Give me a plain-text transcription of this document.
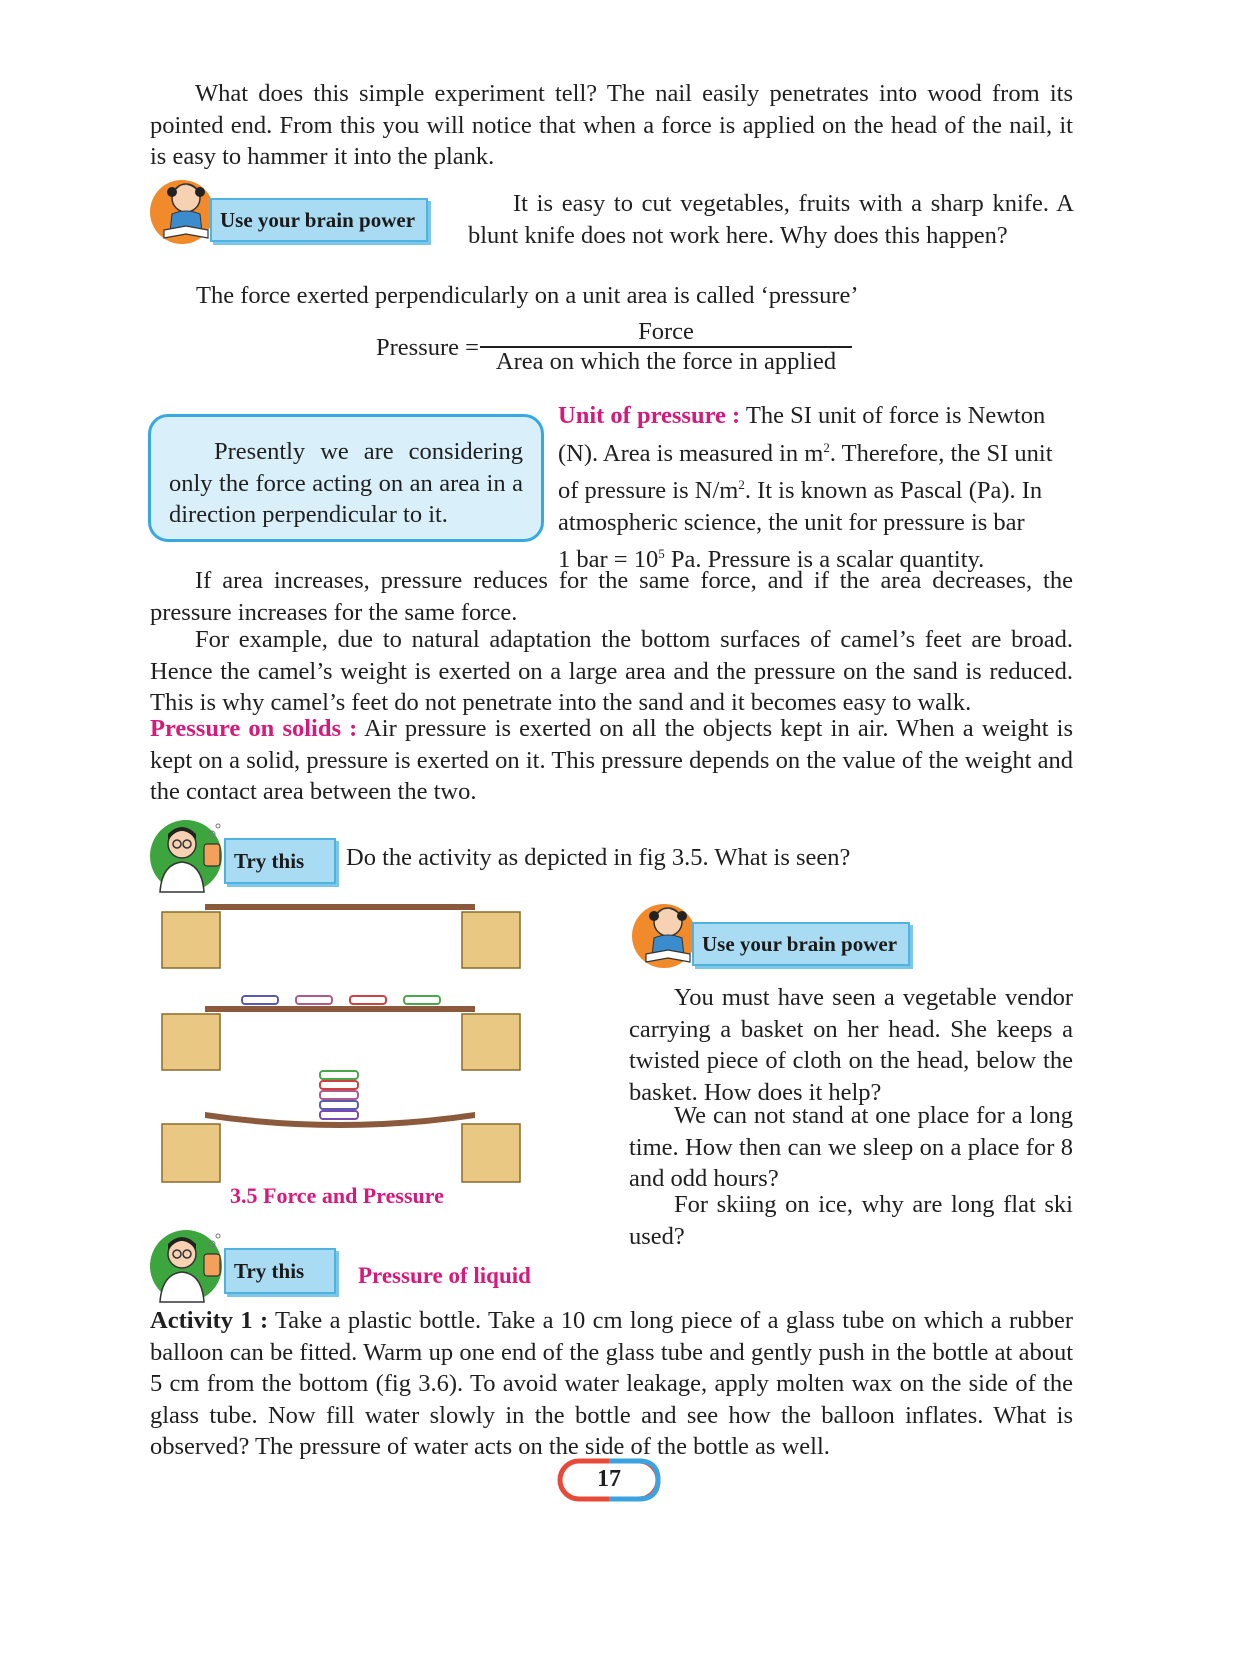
What does this simple experiment tell? The nail easily penetrates into wood from its pointed end. From this you will notice that when a force is applied on the head of the nail, it is easy to hammer it into the plank.

Use your brain power

It is easy to cut vegetables, fruits with a sharp knife. A blunt knife does not work here. Why does this happen?

The force exerted perpendicularly on a unit area is called ‘pressure’

Pressure =
Force
Area on which the force in applied
Presently we are considering only the force acting on an area in a direction perpendicular to it.
Unit of pressure : The SI unit of force is Newton
(N). Area is measured in $m^2$. Therefore, the SI unit
of pressure is $N/m^2$. It is known as Pascal (Pa). In
atmospheric science, the unit for pressure is bar
1 bar = $10^5$ Pa. Pressure is a scalar quantity.

If area increases, pressure reduces for the same force, and if the area decreases, the pressure increases for the same force.

For example, due to natural adaptation the bottom surfaces of camel’s feet are broad. Hence the camel’s weight is exerted on a large area and the pressure on the sand is reduced. This is why camel’s feet do not penetrate into the sand and it becomes easy to walk.

Pressure on solids : Air pressure is exerted on all the objects kept in air. When a weight is kept on a solid, pressure is exerted on it. This pressure depends on the value of the weight and the contact area between the two.

Try this	Do the activity as depicted in fig 3.5. What is seen?

3.5 Force and Pressure
Use your brain power

You must have seen a vegetable vendor carrying a basket on her head. She keeps a twisted piece of cloth on the head, below the basket. How does it help?

We can not stand at one place for a long time. How then can we sleep on a place for 8 and odd hours?

For skiing on ice, why are long flat ski used?

Try this	Pressure of liquid

Activity 1 : Take a plastic bottle. Take a 10 cm long piece of a glass tube on which a rubber balloon can be fitted. Warm up one end of the glass tube and gently push in the bottle at about 5 cm from the bottom (fig 3.6). To avoid water leakage, apply molten wax on the side of the glass tube. Now fill water slowly in the bottle and see how the balloon inflates. What is observed? The pressure of water acts on the side of the bottle as well.

17
